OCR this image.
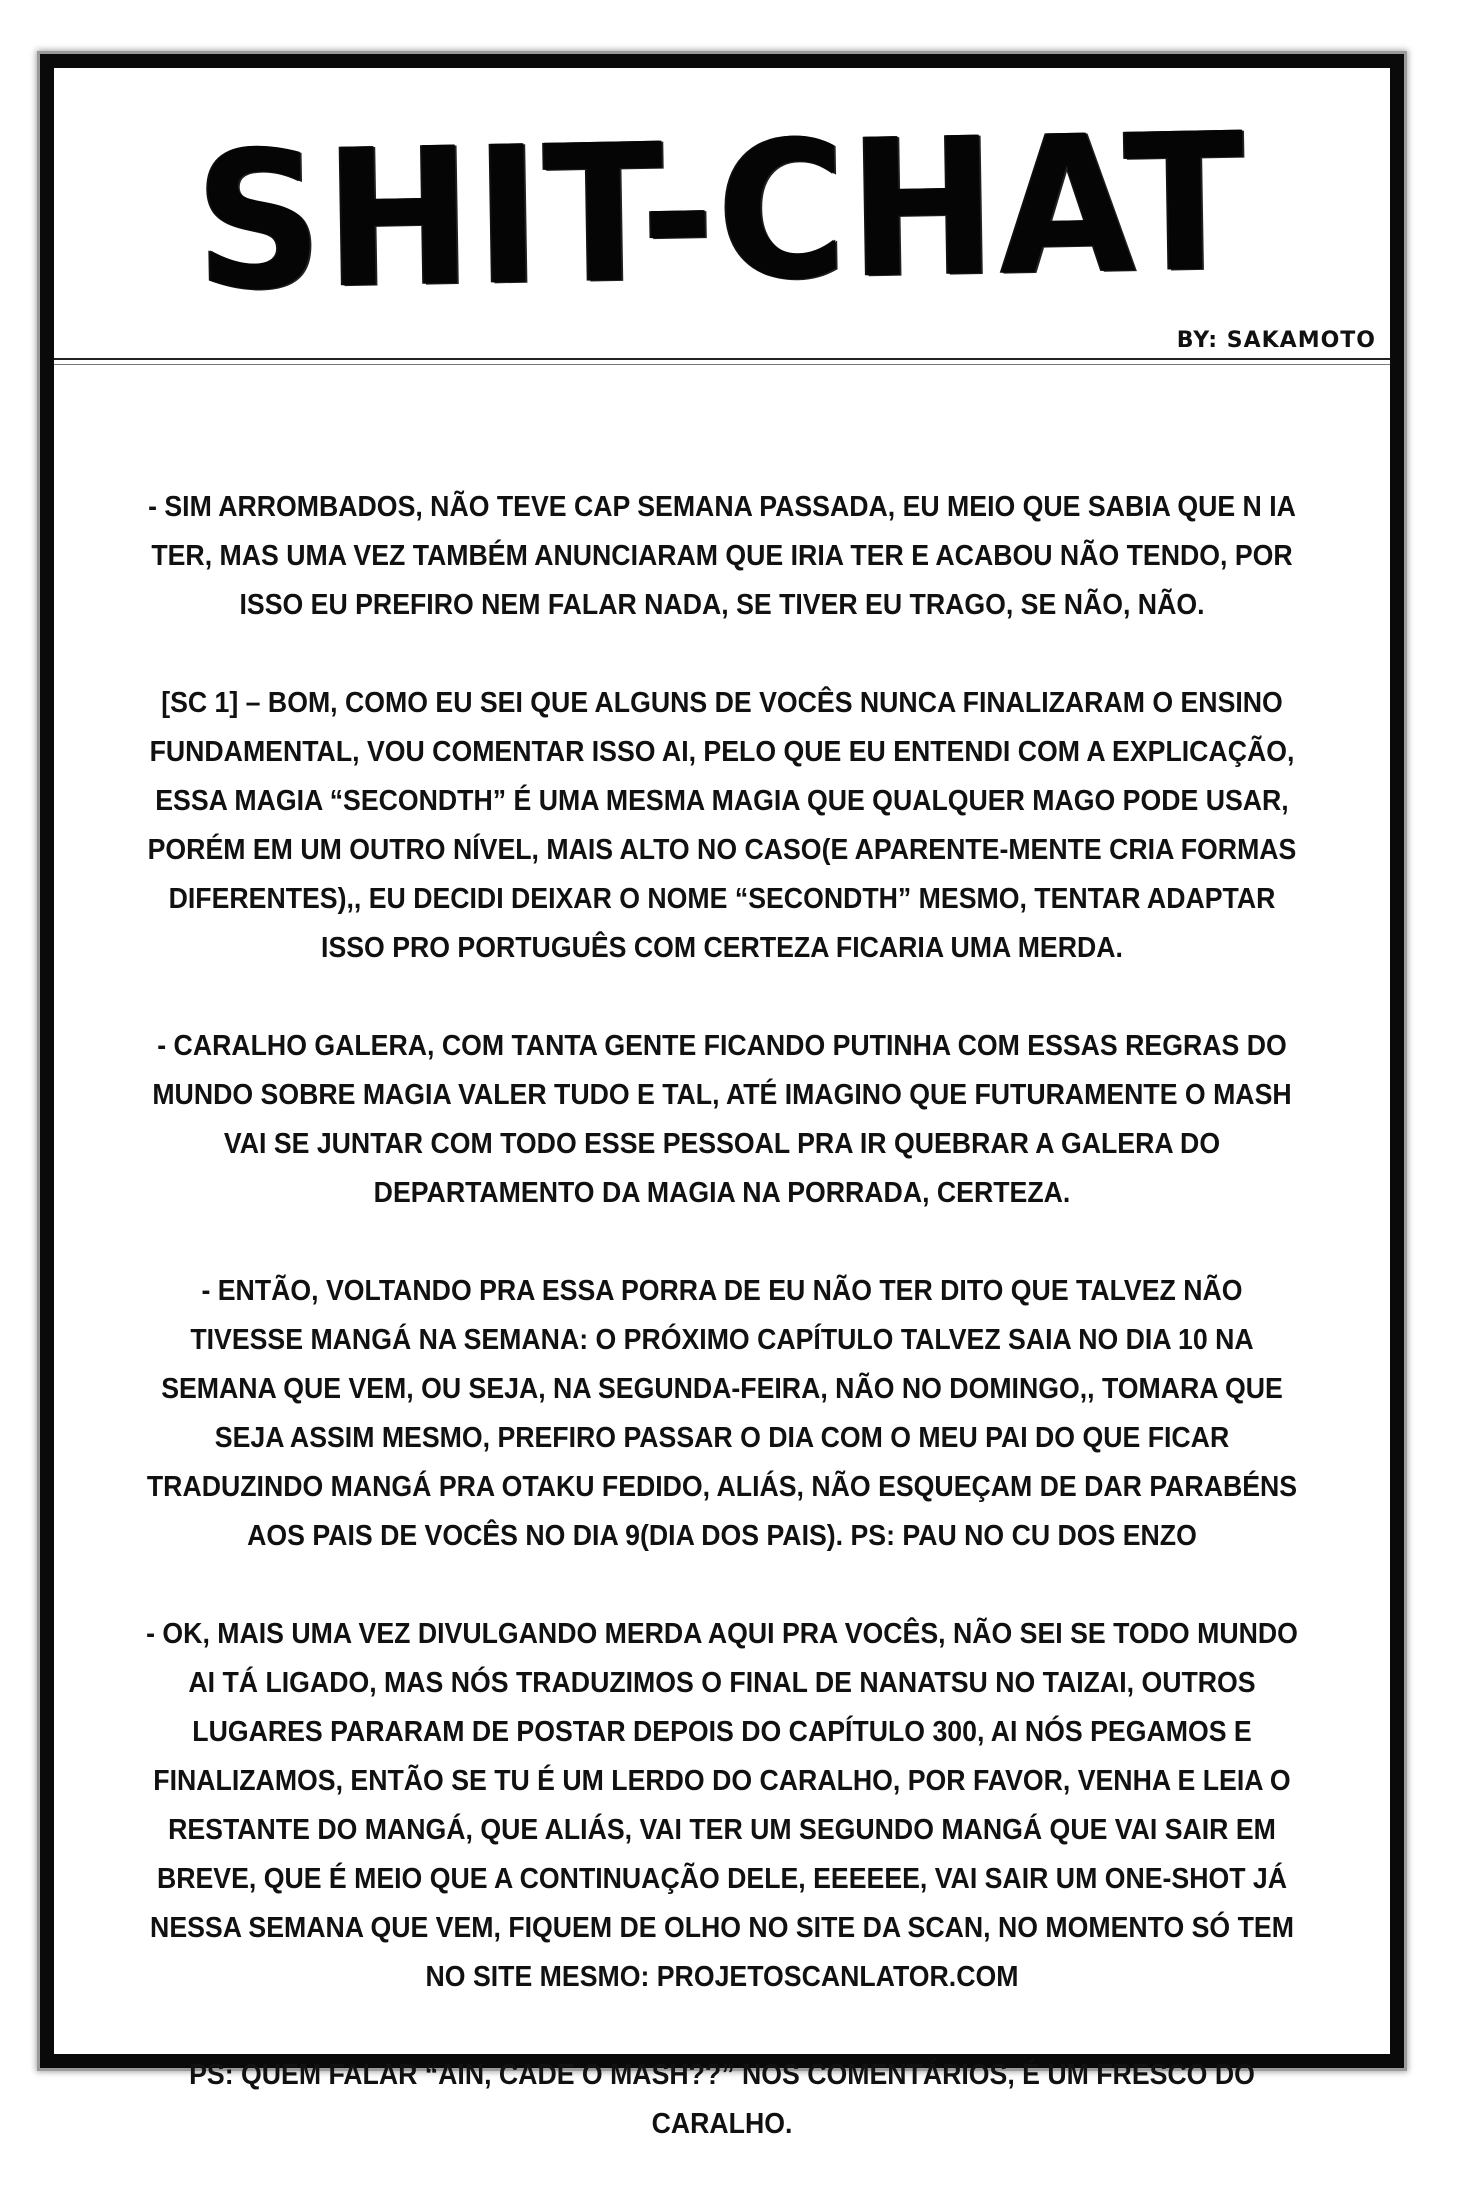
SHIT-CHAT
BY: SAKAMOTO

- SIM ARROMBADOS, NÃO TEVE CAP SEMANA PASSADA, EU MEIO QUE SABIA QUE N IA TER, MAS UMA VEZ TAMBÉM ANUNCIARAM QUE IRIA TER E ACABOU NÃO TENDO, POR ISSO EU PREFIRO NEM FALAR NADA, SE TIVER EU TRAGO, SE NÃO, NÃO.

[SC 1] – BOM, COMO EU SEI QUE ALGUNS DE VOCÊS NUNCA FINALIZARAM O ENSINO FUNDAMENTAL, VOU COMENTAR ISSO AI, PELO QUE EU ENTENDI COM A EXPLICAÇÃO, ESSA MAGIA “SECONDTH” É UMA MESMA MAGIA QUE QUALQUER MAGO PODE USAR, PORÉM EM UM OUTRO NÍVEL, MAIS ALTO NO CASO(E APARENTE-MENTE CRIA FORMAS DIFERENTES),, EU DECIDI DEIXAR O NOME “SECONDTH” MESMO, TENTAR ADAPTAR ISSO PRO PORTUGUÊS COM CERTEZA FICARIA UMA MERDA.

- CARALHO GALERA, COM TANTA GENTE FICANDO PUTINHA COM ESSAS REGRAS DO MUNDO SOBRE MAGIA VALER TUDO E TAL, ATÉ IMAGINO QUE FUTURAMENTE O MASH VAI SE JUNTAR COM TODO ESSE PESSOAL PRA IR QUEBRAR A GALERA DO DEPARTAMENTO DA MAGIA NA PORRADA, CERTEZA.

- ENTÃO, VOLTANDO PRA ESSA PORRA DE EU NÃO TER DITO QUE TALVEZ NÃO TIVESSE MANGÁ NA SEMANA: O PRÓXIMO CAPÍTULO TALVEZ SAIA NO DIA 10 NA SEMANA QUE VEM, OU SEJA, NA SEGUNDA-FEIRA, NÃO NO DOMINGO,, TOMARA QUE SEJA ASSIM MESMO, PREFIRO PASSAR O DIA COM O MEU PAI DO QUE FICAR TRADUZINDO MANGÁ PRA OTAKU FEDIDO, ALIÁS, NÃO ESQUEÇAM DE DAR PARABÉNS AOS PAIS DE VOCÊS NO DIA 9(DIA DOS PAIS). PS: PAU NO CU DOS ENZO

- OK, MAIS UMA VEZ DIVULGANDO MERDA AQUI PRA VOCÊS, NÃO SEI SE TODO MUNDO AI TÁ LIGADO, MAS NÓS TRADUZIMOS O FINAL DE NANATSU NO TAIZAI, OUTROS LUGARES PARARAM DE POSTAR DEPOIS DO CAPÍTULO 300, AI NÓS PEGAMOS E FINALIZAMOS, ENTÃO SE TU É UM LERDO DO CARALHO, POR FAVOR, VENHA E LEIA O RESTANTE DO MANGÁ, QUE ALIÁS, VAI TER UM SEGUNDO MANGÁ QUE VAI SAIR EM BREVE, QUE É MEIO QUE A CONTINUAÇÃO DELE, EEEEEE, VAI SAIR UM ONE-SHOT JÁ NESSA SEMANA QUE VEM, FIQUEM DE OLHO NO SITE DA SCAN, NO MOMENTO SÓ TEM NO SITE MESMO: PROJETOSCANLATOR.COM

PS: QUEM FALAR “AIN, CADE O MASH??” NOS COMENTÁRIOS, É UM FRESCO DO CARALHO.
